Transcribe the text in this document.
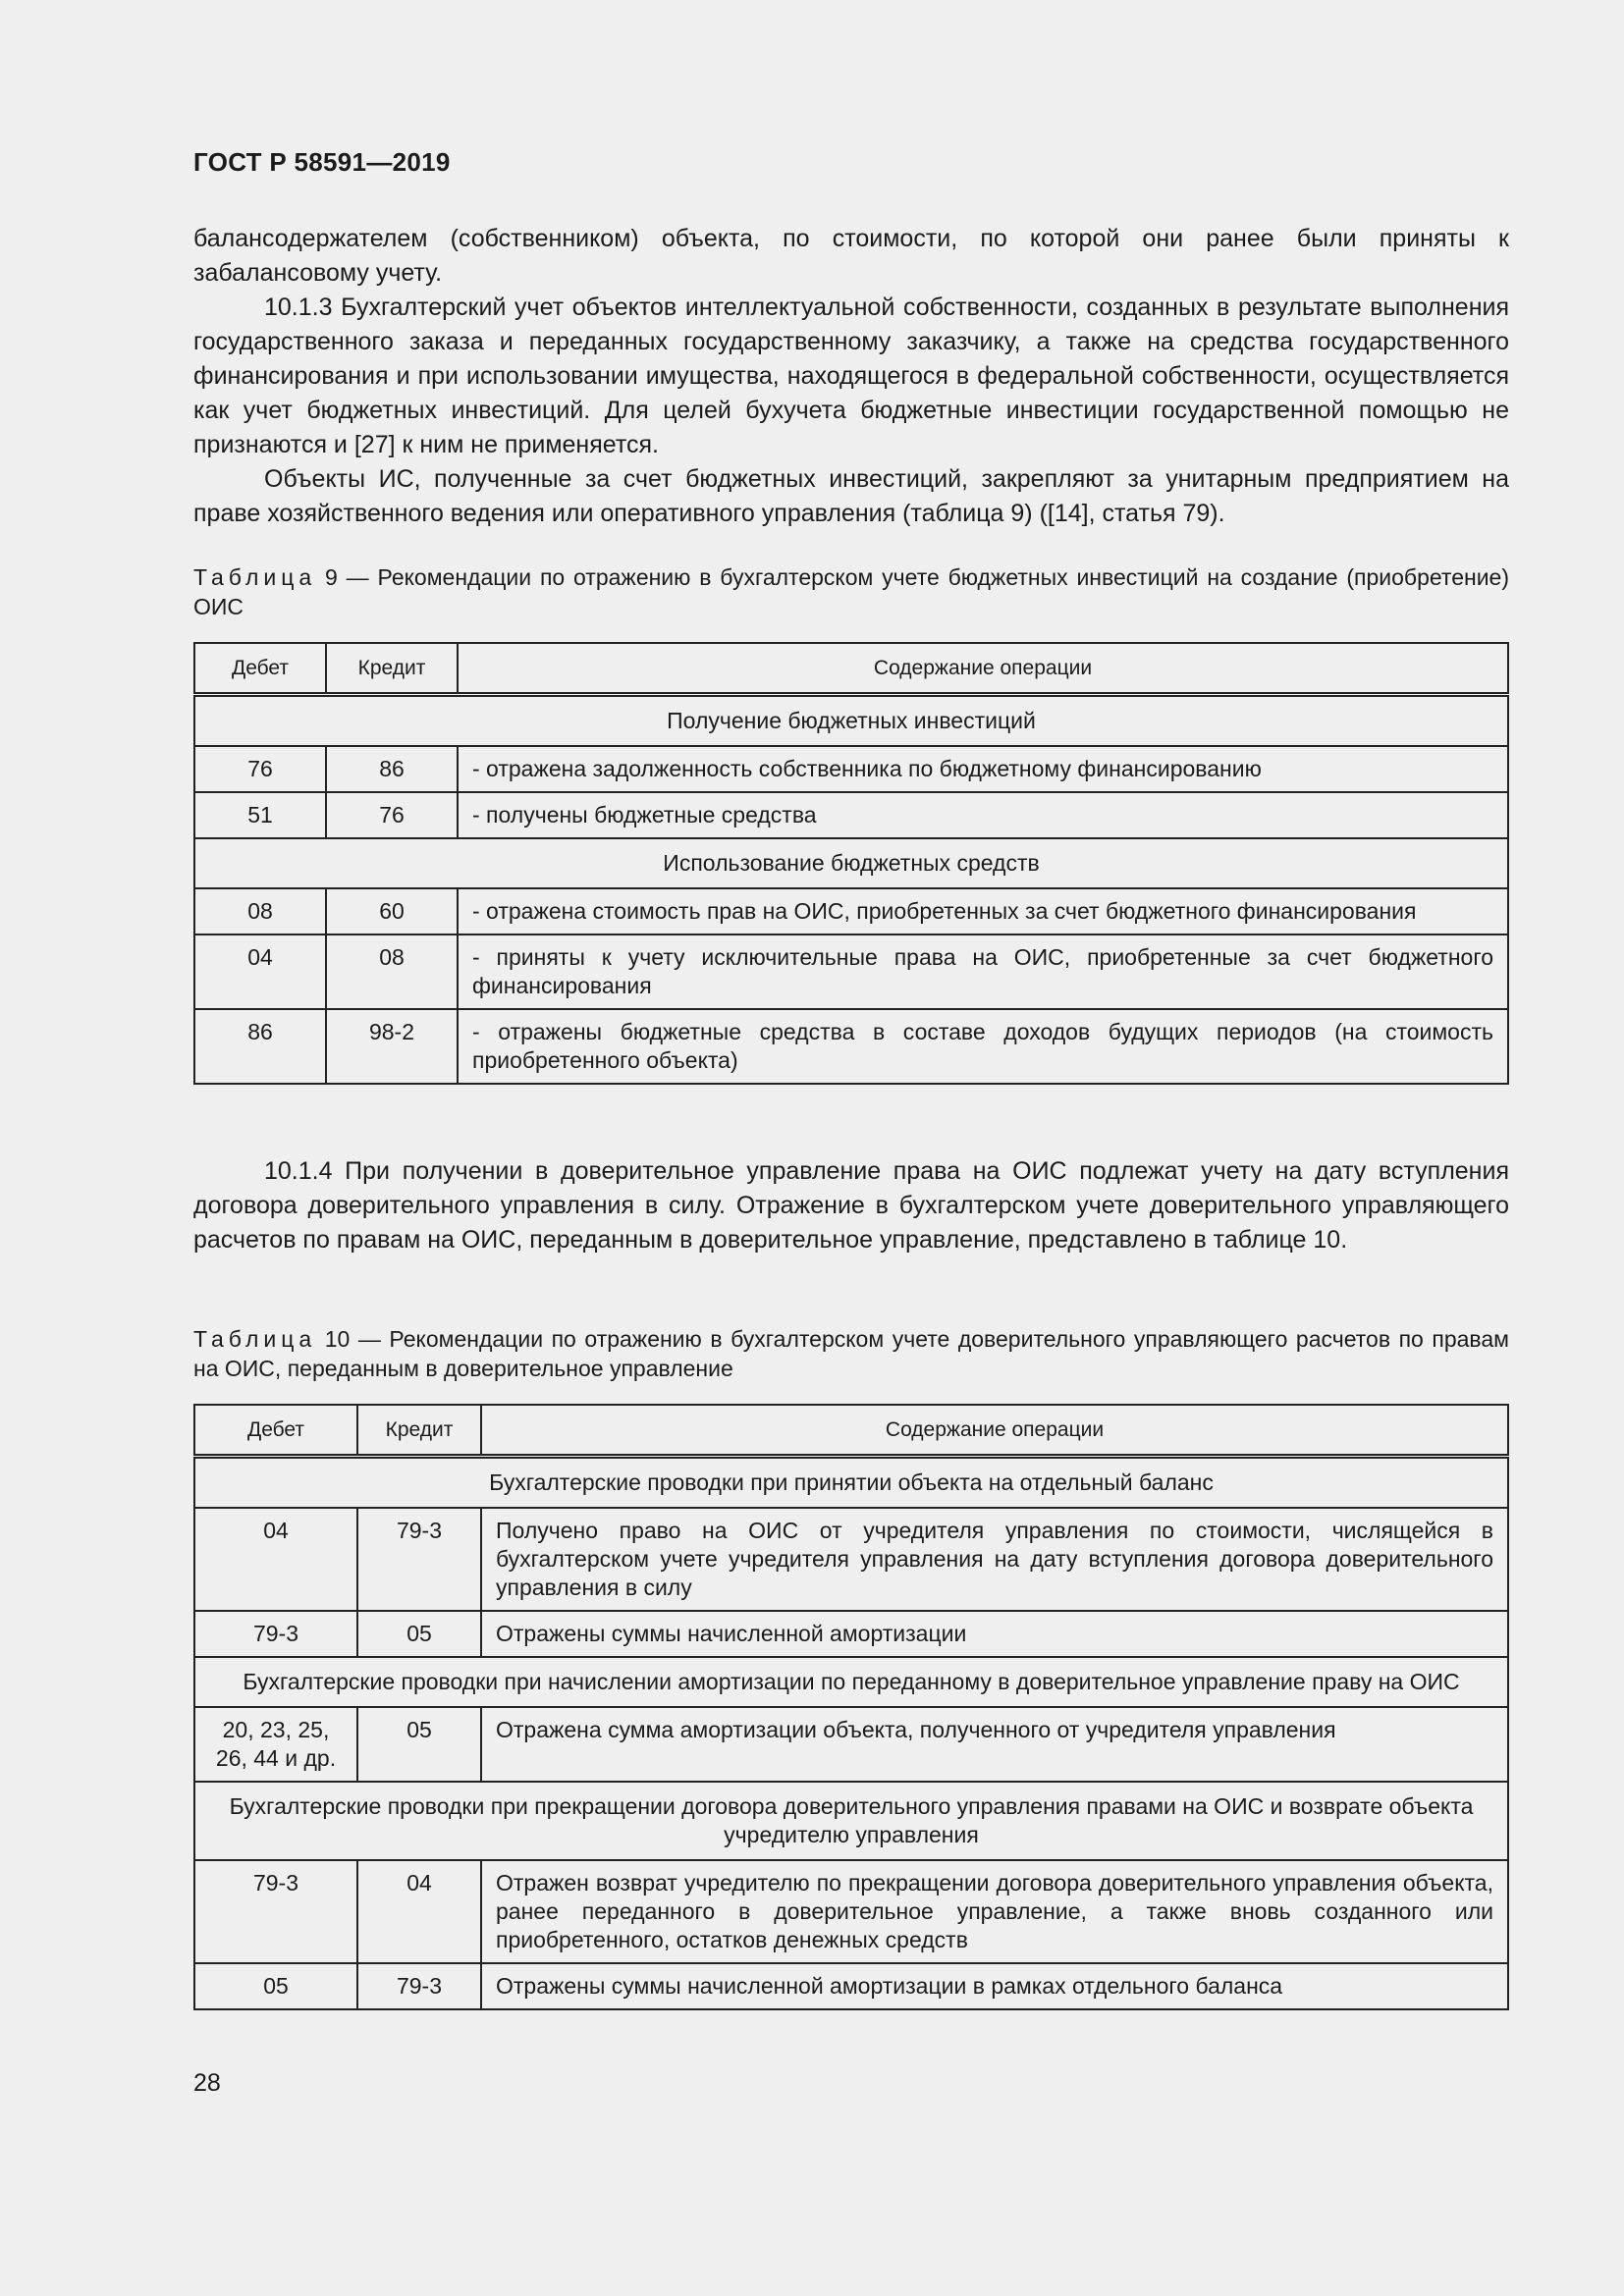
ГОСТ Р 58591—2019

балансодержателем (собственником) объекта, по стоимости, по которой они ранее были приняты к забалансовому учету.

10.1.3 Бухгалтерский учет объектов интеллектуальной собственности, созданных в результате выполнения государственного заказа и переданных государственному заказчику, а также на средства государственного финансирования и при использовании имущества, находящегося в федеральной собственности, осуществляется как учет бюджетных инвестиций. Для целей бухучета бюджетные инвестиции государственной помощью не признаются и [27] к ним не применяется.

Объекты ИС, полученные за счет бюджетных инвестиций, закрепляют за унитарным предприятием на праве хозяйственного ведения или оперативного управления (таблица 9) ([14], статья 79).

Таблица 9 — Рекомендации по отражению в бухгалтерском учете бюджетных инвестиций на создание (приобретение) ОИС
Дебет	Кредит	Содержание операции
Получение бюджетных инвестиций		
76	86	- отражена задолженность собственника по бюджетному финансированию
51	76	- получены бюджетные средства
Использование бюджетных средств		
08	60	- отражена стоимость прав на ОИС, приобретенных за счет бюджетного финансирования
04	08	- приняты к учету исключительные права на ОИС, приобретенные за счет бюджетного финансирования
86	98-2	- отражены бюджетные средства в составе доходов будущих периодов (на стоимость приобретенного объекта)

10.1.4 При получении в доверительное управление права на ОИС подлежат учету на дату вступления договора доверительного управления в силу. Отражение в бухгалтерском учете доверительного управляющего расчетов по правам на ОИС, переданным в доверительное управление, представлено в таблице 10.

Таблица 10 — Рекомендации по отражению в бухгалтерском учете доверительного управляющего расчетов по правам на ОИС, переданным в доверительное управление
Дебет	Кредит	Содержание операции
Бухгалтерские проводки при принятии объекта на отдельный баланс		
04	79-3	Получено право на ОИС от учредителя управления по стоимости, числящейся в бухгалтерском учете учредителя управления на дату вступления договора доверительного управления в силу
79-3	05	Отражены суммы начисленной амортизации
Бухгалтерские проводки при начислении амортизации по переданному в доверительное управление праву на ОИС		
20, 23, 25, 26, 44 и др.	05	Отражена сумма амортизации объекта, полученного от учредителя управления
Бухгалтерские проводки при прекращении договора доверительного управления правами на ОИС и возврате объекта учредителю управления		
79-3	04	Отражен возврат учредителю по прекращении договора доверительного управления объекта, ранее переданного в доверительное управление, а также вновь созданного или приобретенного, остатков денежных средств
05	79-3	Отражены суммы начисленной амортизации в рамках отдельного баланса
28
